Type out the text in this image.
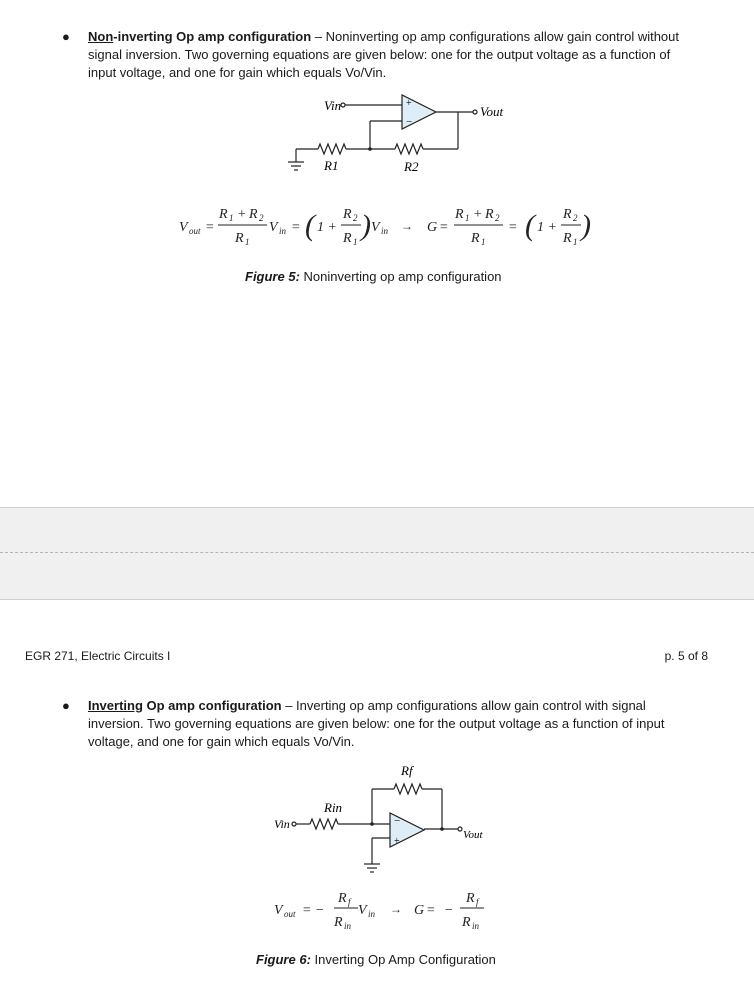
● Non-inverting Op amp configuration – Noninverting op amp configurations allow gain control without
signal inversion. Two governing equations are given below: one for the output voltage as a function of
input voltage, and one for gain which equals Vo/Vin.
+
−
Vin	Vout
R1	R2
V out =
R 1 + R 2
R 1
V in = ( 1 +
R 2
R 1 ) V in → G =
R 1 + R 2
R 1
= ( 1 +
R 2
R 1 )
Figure 5: Noninverting op amp configuration
EGR 271, Electric Circuits I	p. 5 of 8
● Inverting Op amp configuration – Inverting op amp configurations allow gain control with signal
inversion. Two governing equations are given below: one for the output voltage as a function of input
voltage, and one for gain which equals Vo/Vin.
−
+
Vin
Vout
Rin
Rf
V out = −
R f
R in
V in → G = −
R f
R in
Figure 6: Inverting Op Amp Configuration
